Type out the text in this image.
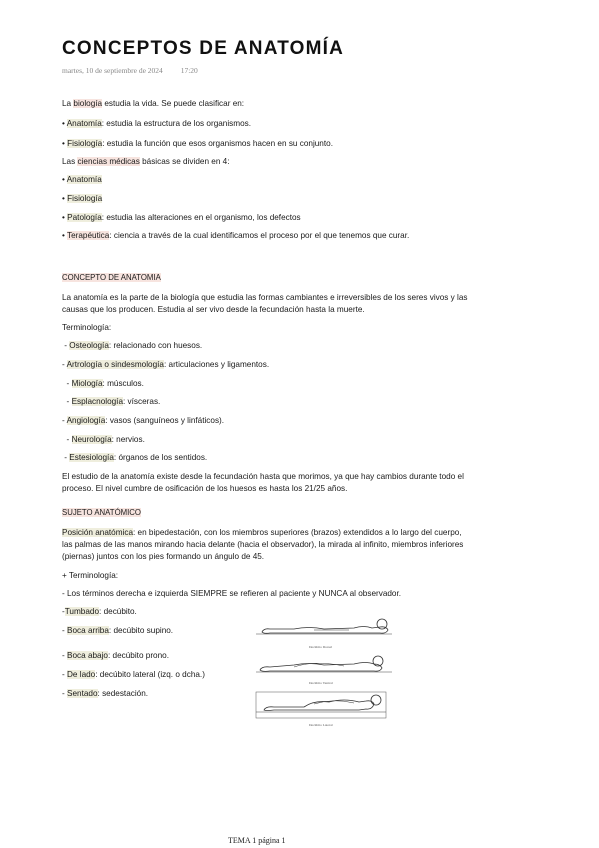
CONCEPTOS DE ANATOMÍA
martes, 10 de septiembre de 2024 17:20
La biología estudia la vida. Se puede clasificar en:
• Anatomía: estudia la estructura de los organismos.
• Fisiología: estudia la función que esos organismos hacen en su conjunto.
Las ciencias médicas básicas se dividen en 4:
• Anatomía
• Fisiología
• Patología: estudia las alteraciones en el organismo, los defectos
• Terapéutica: ciencia a través de la cual identificamos el proceso por el que tenemos que curar.
CONCEPTO DE ANATOMIA
La anatomía es la parte de la biología que estudia las formas cambiantes e irreversibles de los seres vivos y las causas que los producen. Estudia al ser vivo desde la fecundación hasta la muerte.
Terminología:
- Osteología: relacionado con huesos.
- Artrología o sindesmología: articulaciones y ligamentos.
- Miología: músculos.
- Esplacnología: vísceras.
- Angiología: vasos (sanguíneos y linfáticos).
- Neurología: nervios.
- Estesiología: órganos de los sentidos.
El estudio de la anatomía existe desde la fecundación hasta que morimos, ya que hay cambios durante todo el proceso. El nivel cumbre de osificación de los huesos es hasta los 21/25 años.
SUJETO ANATÓMICO
Posición anatómica: en bipedestación, con los miembros superiores (brazos) extendidos a lo largo del cuerpo, las palmas de las manos mirando hacia delante (hacia el observador), la mirada al infinito, miembros inferiores (piernas) juntos con los pies formando un ángulo de 45.
+ Terminología:
- Los términos derecha e izquierda SIEMPRE se refieren al paciente y NUNCA al observador.
-Tumbado: decúbito.
- Boca arriba: decúbito supino.
- Boca abajo: decúbito prono.
- De lado: decúbito lateral (izq. o dcha.)
- Sentado: sedestación.
Decúbito Dorsal
Decúbito Ventral
Decúbito Lateral
TEMA 1 página 1
